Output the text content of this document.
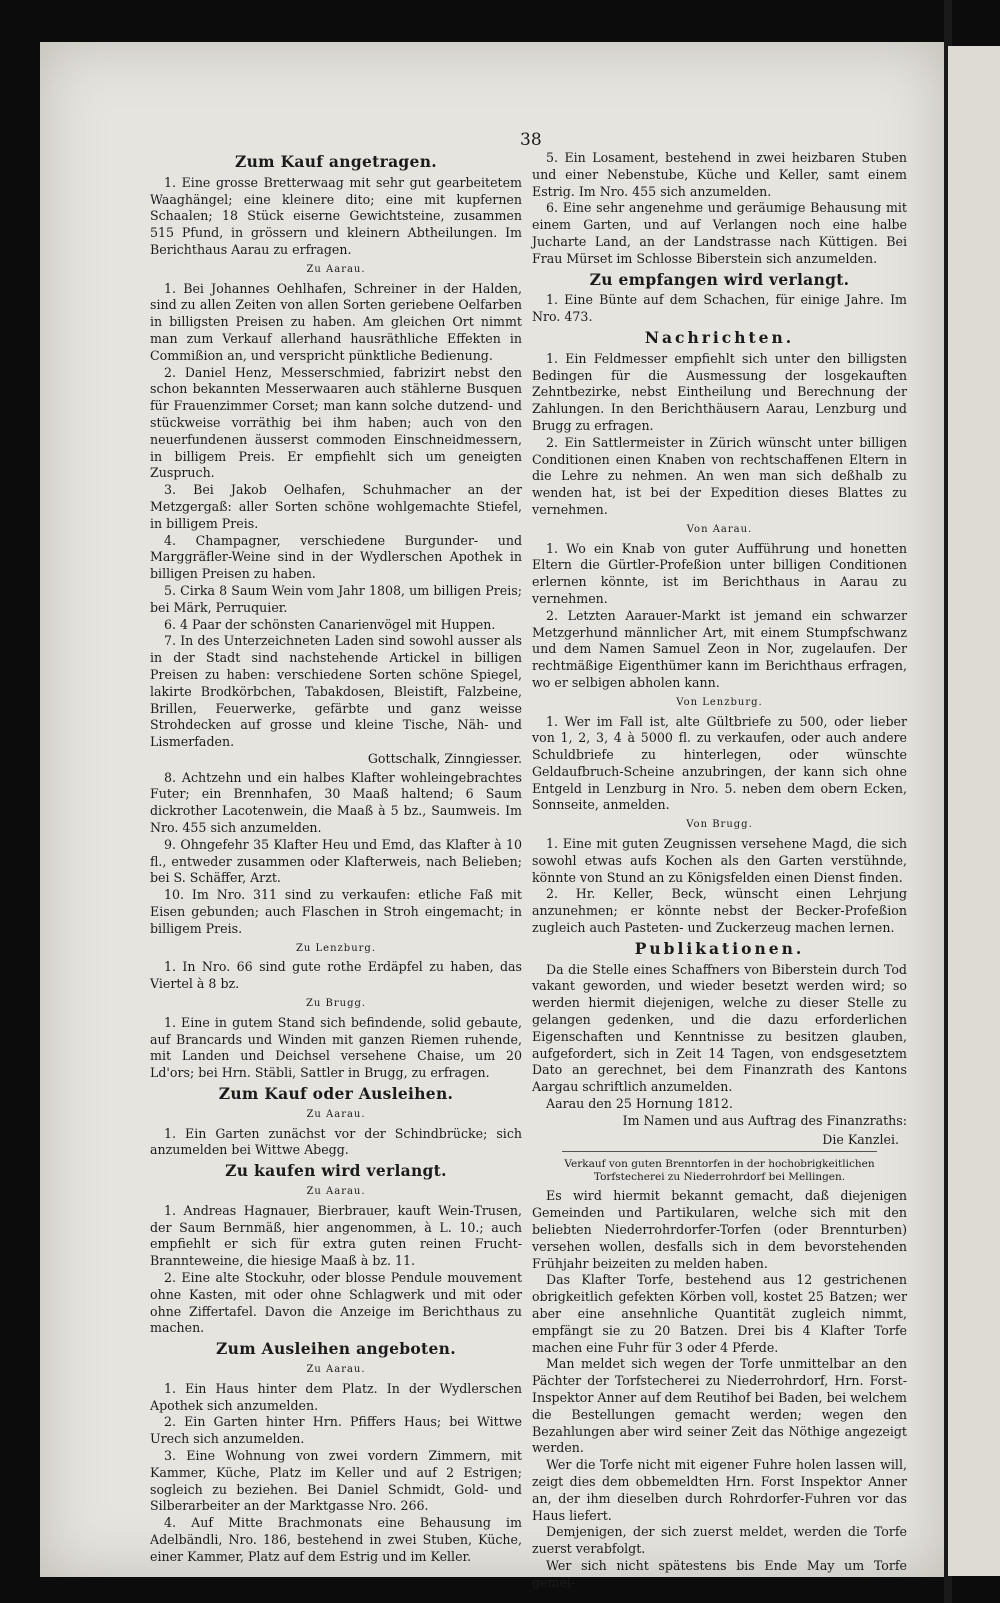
38
Zum Kauf angetragen.

1. Eine grosse Bretterwaag mit sehr gut gearbeitetem Waaghängel; eine kleinere dito; eine mit kupfernen Schaalen; 18 Stück eiserne Gewichtsteine, zusammen 515 Pfund, in grössern und kleinern Abtheilungen. Im Berichthaus Aarau zu erfragen.

Zu Aarau.

1. Bei Johannes Oehlhafen, Schreiner in der Halden, sind zu allen Zeiten von allen Sorten geriebene Oelfarben in billigsten Preisen zu haben. Am gleichen Ort nimmt man zum Verkauf allerhand hausräthliche Effekten in Commißion an, und verspricht pünktliche Bedienung.

2. Daniel Henz, Messerschmied, fabrizirt nebst den schon bekannten Messerwaaren auch stählerne Busquen für Frauenzimmer Corset; man kann solche dutzend- und stückweise vorräthig bei ihm haben; auch von den neuerfundenen äusserst commoden Einschneidmessern, in billigem Preis. Er empfiehlt sich um geneigten Zuspruch.

3. Bei Jakob Oelhafen, Schuhmacher an der Metzgergaß: aller Sorten schöne wohlgemachte Stiefel, in billigem Preis.

4. Champagner, verschiedene Burgunder- und Marggräfler-Weine sind in der Wydlerschen Apothek in billigen Preisen zu haben.

5. Cirka 8 Saum Wein vom Jahr 1808, um billigen Preis; bei Märk, Perruquier.

6. 4 Paar der schönsten Canarienvögel mit Huppen.

7. In des Unterzeichneten Laden sind sowohl ausser als in der Stadt sind nachstehende Artickel in billigen Preisen zu haben: verschiedene Sorten schöne Spiegel, lakirte Brodkörbchen, Tabakdosen, Bleistift, Falzbeine, Brillen, Feuerwerke, gefärbte und ganz weisse Strohdecken auf grosse und kleine Tische, Näh- und Lismerfaden.

Gottschalk, Zinngiesser.

8. Achtzehn und ein halbes Klafter wohleingebrachtes Futer; ein Brennhafen, 30 Maaß haltend; 6 Saum dickrother Lacotenwein, die Maaß à 5 bz., Saumweis. Im Nro. 455 sich anzumelden.

9. Ohngefehr 35 Klafter Heu und Emd, das Klafter à 10 fl., entweder zusammen oder Klafterweis, nach Belieben; bei S. Schäffer, Arzt.

10. Im Nro. 311 sind zu verkaufen: etliche Faß mit Eisen gebunden; auch Flaschen in Stroh eingemacht; in billigem Preis.

Zu Lenzburg.

1. In Nro. 66 sind gute rothe Erdäpfel zu haben, das Viertel à 8 bz.

Zu Brugg.

1. Eine in gutem Stand sich befindende, solid gebaute, auf Brancards und Winden mit ganzen Riemen ruhende, mit Landen und Deichsel versehene Chaise, um 20 Ld'ors; bei Hrn. Stäbli, Sattler in Brugg, zu erfragen.

Zum Kauf oder Ausleihen.
Zu Aarau.

1. Ein Garten zunächst vor der Schindbrücke; sich anzumelden bei Wittwe Abegg.

Zu kaufen wird verlangt.
Zu Aarau.

1. Andreas Hagnauer, Bierbrauer, kauft Wein-Trusen, der Saum Bernmäß, hier angenommen, à L. 10.; auch empfiehlt er sich für extra guten reinen Frucht-Brannteweine, die hiesige Maaß à bz. 11.

2. Eine alte Stockuhr, oder blosse Pendule mouvement ohne Kasten, mit oder ohne Schlagwerk und mit oder ohne Ziffertafel. Davon die Anzeige im Berichthaus zu machen.

Zum Ausleihen angeboten.
Zu Aarau.

1. Ein Haus hinter dem Platz. In der Wydlerschen Apothek sich anzumelden.

2. Ein Garten hinter Hrn. Pfiffers Haus; bei Wittwe Urech sich anzumelden.

3. Eine Wohnung von zwei vordern Zimmern, mit Kammer, Küche, Platz im Keller und auf 2 Estrigen; sogleich zu beziehen. Bei Daniel Schmidt, Gold- und Silberarbeiter an der Marktgasse Nro. 266.

4. Auf Mitte Brachmonats eine Behausung im Adelbändli, Nro. 186, bestehend in zwei Stuben, Küche, einer Kammer, Platz auf dem Estrig und im Keller.

5. Ein Losament, bestehend in zwei heizbaren Stuben und einer Nebenstube, Küche und Keller, samt einem Estrig. Im Nro. 455 sich anzumelden.

6. Eine sehr angenehme und geräumige Behausung mit einem Garten, und auf Verlangen noch eine halbe Jucharte Land, an der Landstrasse nach Küttigen. Bei Frau Mürset im Schlosse Biberstein sich anzumelden.

Zu empfangen wird verlangt.

1. Eine Bünte auf dem Schachen, für einige Jahre. Im Nro. 473.

Nachrichten.

1. Ein Feldmesser empfiehlt sich unter den billigsten Bedingen für die Ausmessung der losgekauften Zehntbezirke, nebst Eintheilung und Berechnung der Zahlungen. In den Berichthäusern Aarau, Lenzburg und Brugg zu erfragen.

2. Ein Sattlermeister in Zürich wünscht unter billigen Conditionen einen Knaben von rechtschaffenen Eltern in die Lehre zu nehmen. An wen man sich deßhalb zu wenden hat, ist bei der Expedition dieses Blattes zu vernehmen.

Von Aarau.

1. Wo ein Knab von guter Aufführung und honetten Eltern die Gürtler-Profeßion unter billigen Conditionen erlernen könnte, ist im Berichthaus in Aarau zu vernehmen.

2. Letzten Aarauer-Markt ist jemand ein schwarzer Metzgerhund männlicher Art, mit einem Stumpfschwanz und dem Namen Samuel Zeon in Nor, zugelaufen. Der rechtmäßige Eigenthümer kann im Berichthaus erfragen, wo er selbigen abholen kann.

Von Lenzburg.

1. Wer im Fall ist, alte Gültbriefe zu 500, oder lieber von 1, 2, 3, 4 à 5000 fl. zu verkaufen, oder auch andere Schuldbriefe zu hinterlegen, oder wünschte Geldaufbruch-Scheine anzubringen, der kann sich ohne Entgeld in Lenzburg in Nro. 5. neben dem obern Ecken, Sonnseite, anmelden.

Von Brugg.

1. Eine mit guten Zeugnissen versehene Magd, die sich sowohl etwas aufs Kochen als den Garten verstühnde, könnte von Stund an zu Königsfelden einen Dienst finden.

2. Hr. Keller, Beck, wünscht einen Lehrjung anzunehmen; er könnte nebst der Becker-Profeßion zugleich auch Pasteten- und Zuckerzeug machen lernen.

Publikationen.

Da die Stelle eines Schaffners von Biberstein durch Tod vakant geworden, und wieder besetzt werden wird; so werden hiermit diejenigen, welche zu dieser Stelle zu gelangen gedenken, und die dazu erforderlichen Eigenschaften und Kenntnisse zu besitzen glauben, aufgefordert, sich in Zeit 14 Tagen, von endsgesetztem Dato an gerechnet, bei dem Finanzrath des Kantons Aargau schriftlich anzumelden.

Aarau den 25 Hornung 1812.

Im Namen und aus Auftrag des Finanzraths:

Die Kanzlei.

Verkauf von guten Brenntorfen in der hochobrigkeitlichen Torfstecherei zu Niederrohrdorf bei Mellingen.

Es wird hiermit bekannt gemacht, daß diejenigen Gemeinden und Partikularen, welche sich mit den beliebten Niederrohrdorfer-Torfen (oder Brennturben) versehen wollen, desfalls sich in dem bevorstehenden Frühjahr beizeiten zu melden haben.

Das Klafter Torfe, bestehend aus 12 gestrichenen obrigkeitlich gefekten Körben voll, kostet 25 Batzen; wer aber eine ansehnliche Quantität zugleich nimmt, empfängt sie zu 20 Batzen. Drei bis 4 Klafter Torfe machen eine Fuhr für 3 oder 4 Pferde.

Man meldet sich wegen der Torfe unmittelbar an den Pächter der Torfstecherei zu Niederrohrdorf, Hrn. Forst-Inspektor Anner auf dem Reutihof bei Baden, bei welchem die Bestellungen gemacht werden; wegen den Bezahlungen aber wird seiner Zeit das Nöthige angezeigt werden.

Wer die Torfe nicht mit eigener Fuhre holen lassen will, zeigt dies dem obbemeldten Hrn. Forst Inspektor Anner an, der ihm dieselben durch Rohrdorfer-Fuhren vor das Haus liefert.

Demjenigen, der sich zuerst meldet, werden die Torfe zuerst verabfolgt.

Wer sich nicht spätestens bis Ende May um Torfe gemel-
